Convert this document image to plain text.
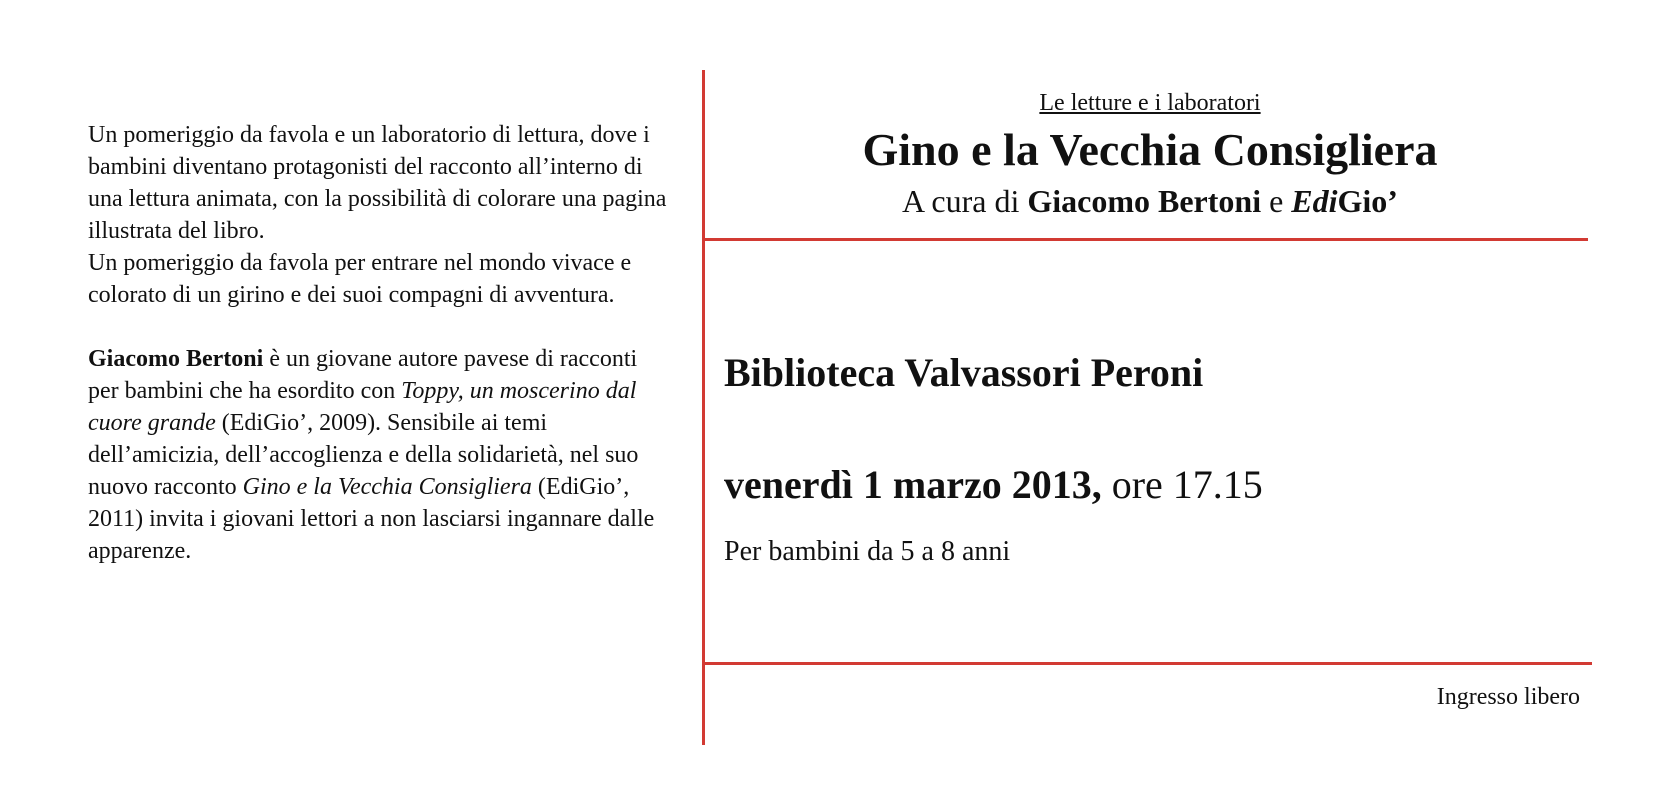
Un pomeriggio da favola e un laboratorio di lettura, dove i bambini diventano protagonisti del racconto all’interno di una lettura animata, con la possibilità di colorare una pagina illustrata del libro.

Un pomeriggio da favola per entrare nel mondo vivace e colorato di un girino e dei suoi compagni di avventura.

Giacomo Bertoni è un giovane autore pavese di racconti per bambini che ha esordito con Toppy, un moscerino dal cuore grande (EdiGio’, 2009). Sensibile ai temi dell’amicizia, dell’accoglienza e della solidarietà, nel suo nuovo racconto Gino e la Vecchia Consigliera (EdiGio’, 2011) invita i giovani lettori a non lasciarsi ingannare dalle apparenze.

Le letture e i laboratori
Gino e la Vecchia Consigliera
A cura di Giacomo Bertoni e EdiGio’
Biblioteca Valvassori Peroni
venerdì 1 marzo 2013, ore 17.15
Per bambini da 5 a 8 anni
Ingresso libero
